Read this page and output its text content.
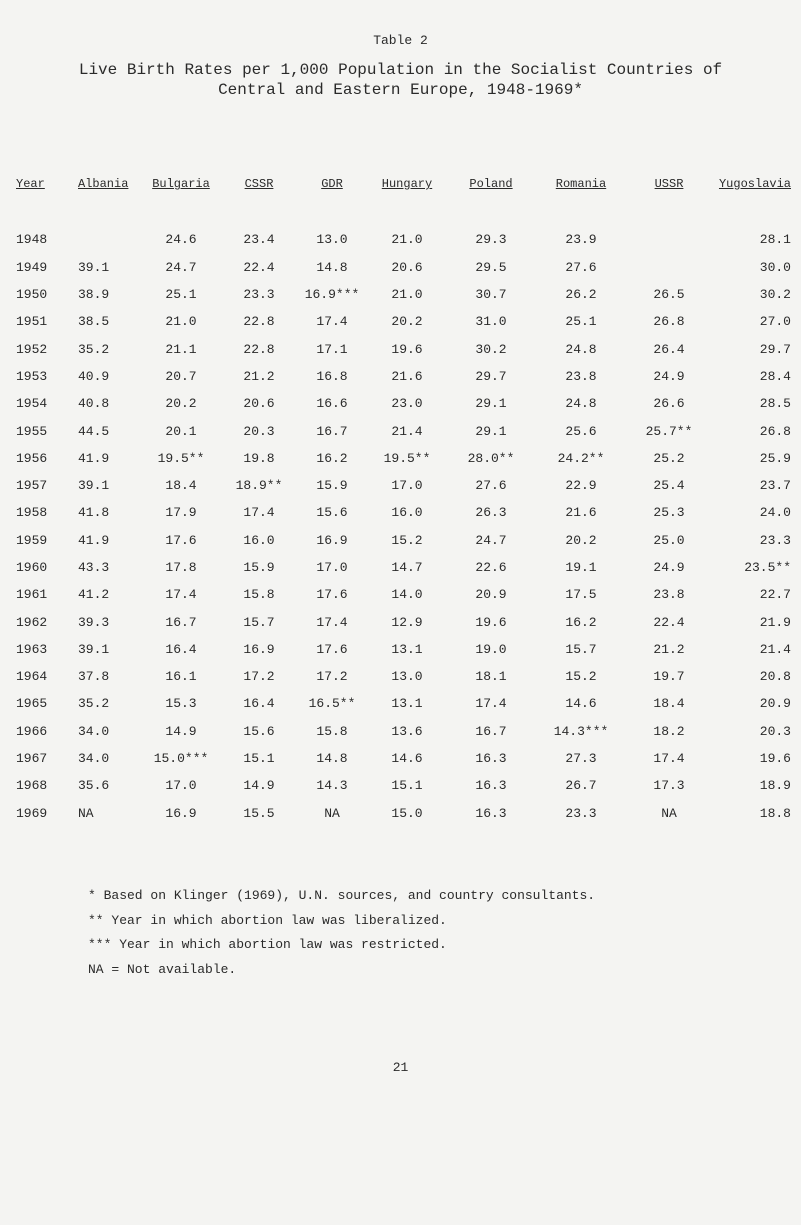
Table 2
Live Birth Rates per 1,000 Population in the Socialist Countries of
Central and Eastern Europe, 1948-1969*
Year	Albania	Bulgaria	CSSR	GDR	Hungary	Poland	Romania	USSR	Yugoslavia

1948		24.6	23.4	13.0	21.0	29.3	23.9		28.1
1949	39.1	24.7	22.4	14.8	20.6	29.5	27.6		30.0
1950	38.9	25.1	23.3	16.9***	21.0	30.7	26.2	26.5	30.2
1951	38.5	21.0	22.8	17.4	20.2	31.0	25.1	26.8	27.0
1952	35.2	21.1	22.8	17.1	19.6	30.2	24.8	26.4	29.7
1953	40.9	20.7	21.2	16.8	21.6	29.7	23.8	24.9	28.4
1954	40.8	20.2	20.6	16.6	23.0	29.1	24.8	26.6	28.5
1955	44.5	20.1	20.3	16.7	21.4	29.1	25.6	25.7**	26.8
1956	41.9	19.5**	19.8	16.2	19.5**	28.0**	24.2**	25.2	25.9
1957	39.1	18.4	18.9**	15.9	17.0	27.6	22.9	25.4	23.7
1958	41.8	17.9	17.4	15.6	16.0	26.3	21.6	25.3	24.0
1959	41.9	17.6	16.0	16.9	15.2	24.7	20.2	25.0	23.3
1960	43.3	17.8	15.9	17.0	14.7	22.6	19.1	24.9	23.5**
1961	41.2	17.4	15.8	17.6	14.0	20.9	17.5	23.8	22.7
1962	39.3	16.7	15.7	17.4	12.9	19.6	16.2	22.4	21.9
1963	39.1	16.4	16.9	17.6	13.1	19.0	15.7	21.2	21.4
1964	37.8	16.1	17.2	17.2	13.0	18.1	15.2	19.7	20.8
1965	35.2	15.3	16.4	16.5**	13.1	17.4	14.6	18.4	20.9
1966	34.0	14.9	15.6	15.8	13.6	16.7	14.3***	18.2	20.3
1967	34.0	15.0***	15.1	14.8	14.6	16.3	27.3	17.4	19.6
1968	35.6	17.0	14.9	14.3	15.1	16.3	26.7	17.3	18.9
1969	NA	16.9	15.5	NA	15.0	16.3	23.3	NA	18.8
* Based on Klinger (1969), U.N. sources, and country consultants.
** Year in which abortion law was liberalized.
*** Year in which abortion law was restricted.
NA = Not available.
21
